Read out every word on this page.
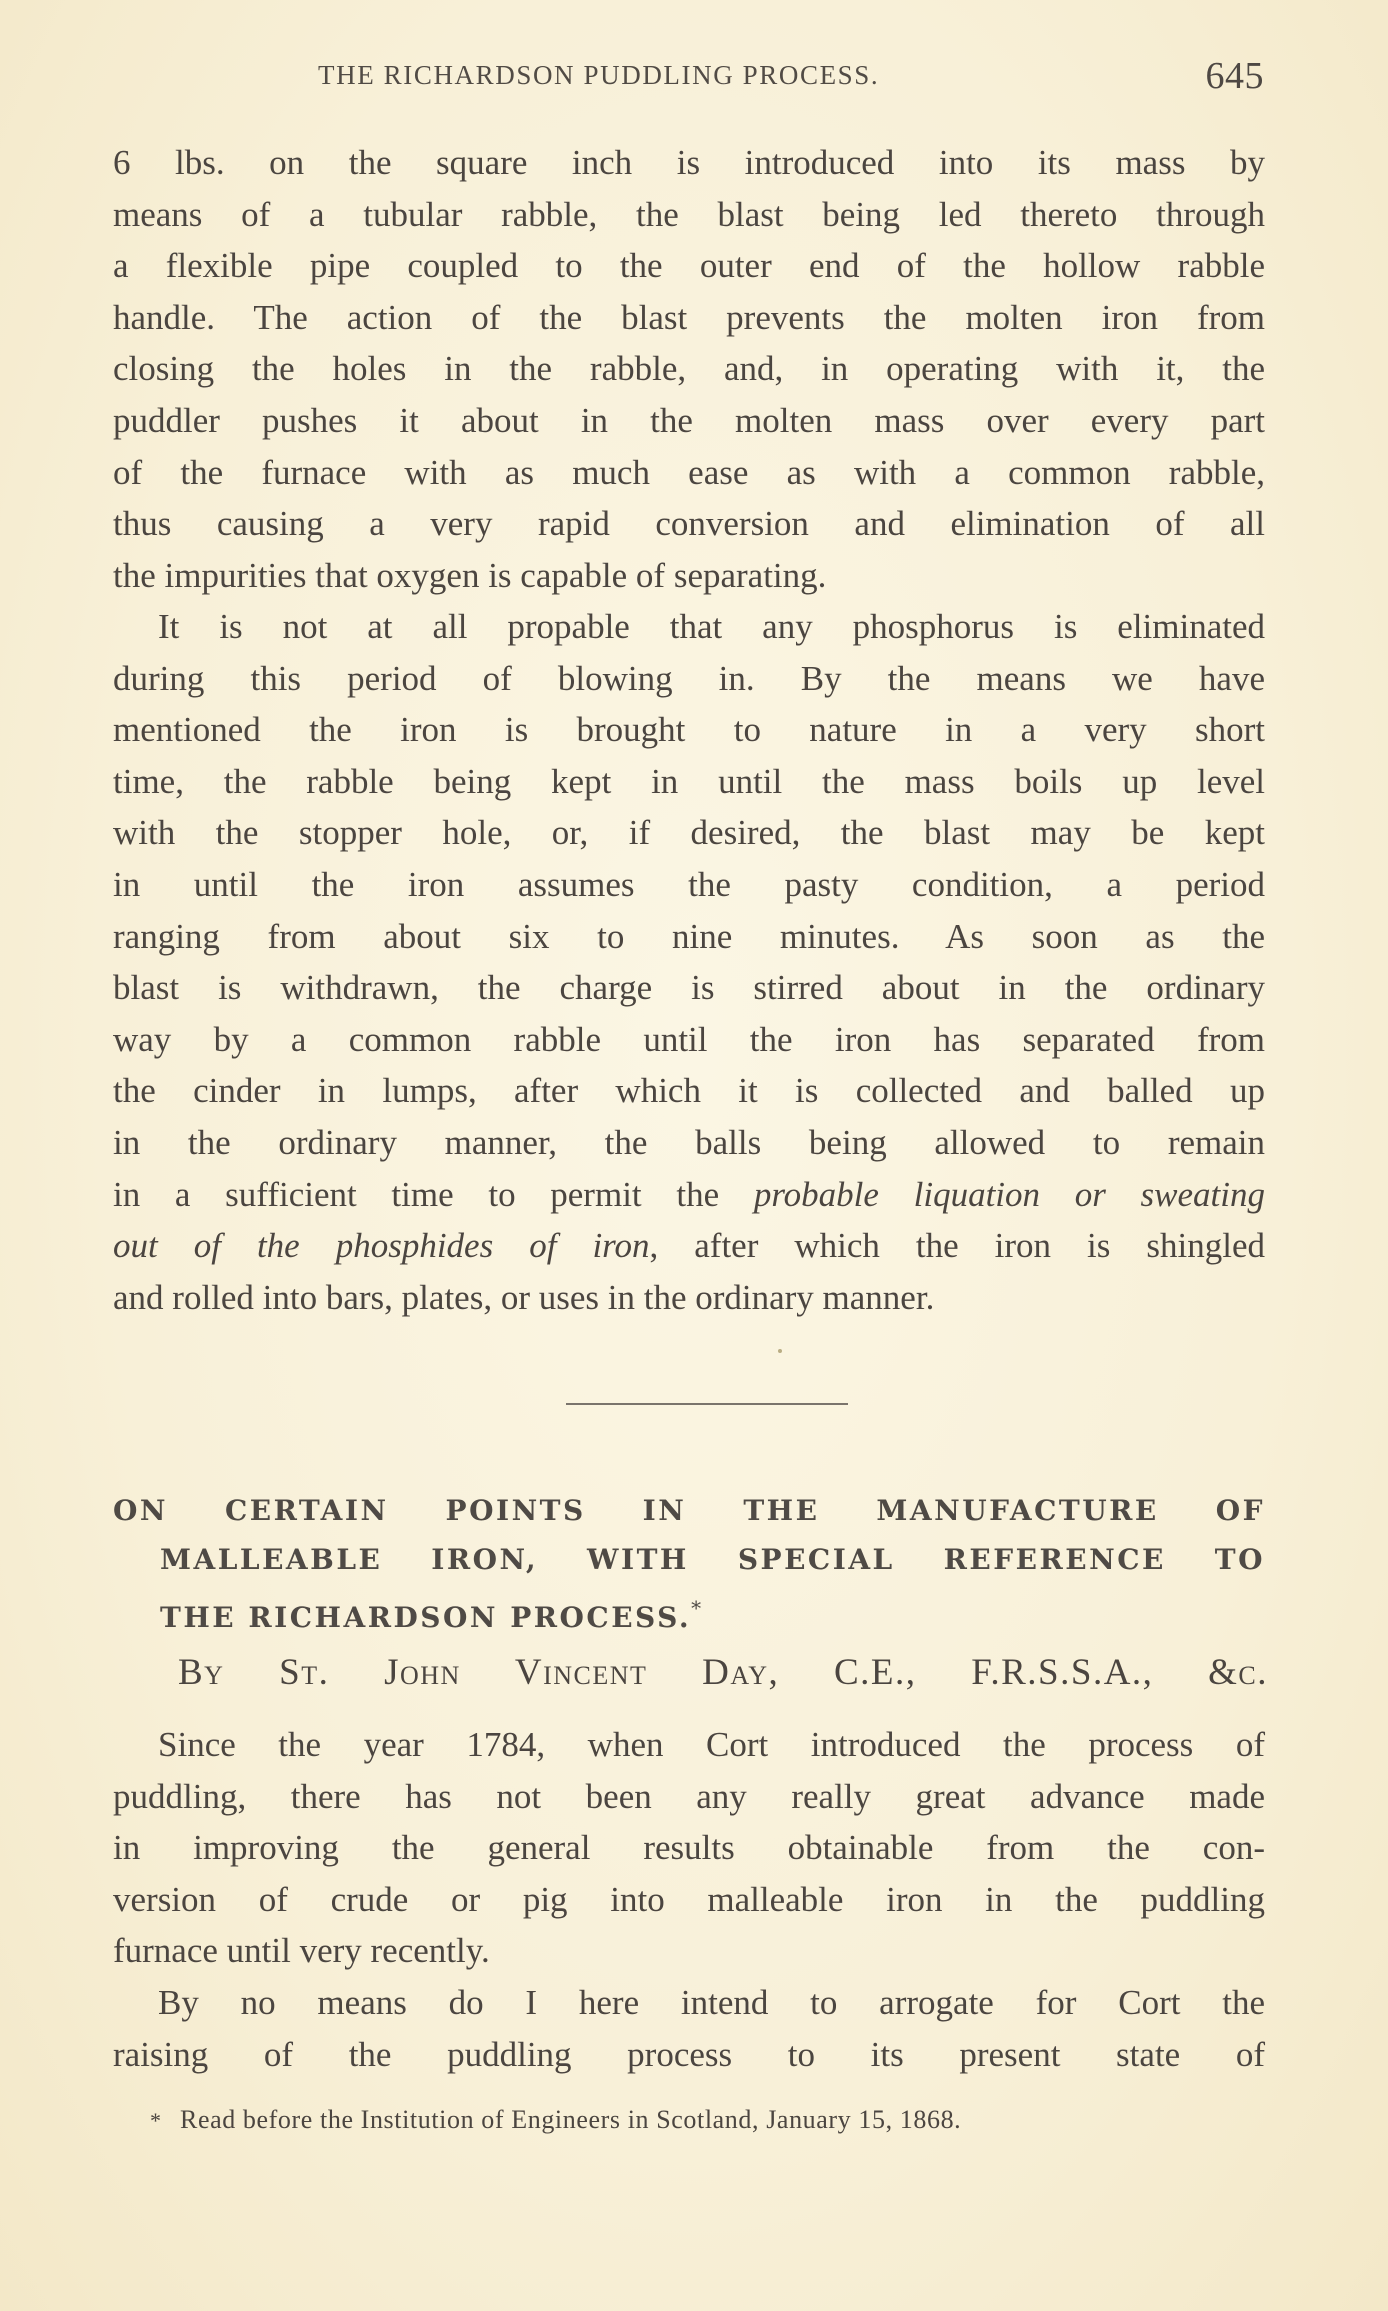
THE RICHARDSON PUDDLING PROCESS.	645
6 lbs. on the square inch is introduced into its mass by
means of a tubular rabble, the blast being led thereto through
a flexible pipe coupled to the outer end of the hollow rabble
handle. The action of the blast prevents the molten iron from
closing the holes in the rabble, and, in operating with it, the
puddler pushes it about in the molten mass over every part
of the furnace with as much ease as with a common rabble,
thus causing a very rapid conversion and elimination of all
the impurities that oxygen is capable of separating.
It is not at all propable that any phosphorus is eliminated
during this period of blowing in. By the means we have
mentioned the iron is brought to nature in a very short
time, the rabble being kept in until the mass boils up level
with the stopper hole, or, if desired, the blast may be kept
in until the iron assumes the pasty condition, a period
ranging from about six to nine minutes. As soon as the
blast is withdrawn, the charge is stirred about in the ordinary
way by a common rabble until the iron has separated from
the cinder in lumps, after which it is collected and balled up
in the ordinary manner, the balls being allowed to remain
in a sufficient time to permit the probable liquation or sweating
out of the phosphides of iron, after which the iron is shingled
and rolled into bars, plates, or uses in the ordinary manner.
ON CERTAIN POINTS IN THE MANUFACTURE OF
MALLEABLE IRON, WITH SPECIAL REFERENCE TO
THE RICHARDSON PROCESS.*
By St. John Vincent Day, C.E., F.R.S.S.A., &c.
Since the year 1784, when Cort introduced the process of
puddling, there has not been any really great advance made
in improving the general results obtainable from the con-
version of crude or pig into malleable iron in the puddling
furnace until very recently.
By no means do I here intend to arrogate for Cort the
raising of the puddling process to its present state of
* Read before the Institution of Engineers in Scotland, January 15, 1868.
